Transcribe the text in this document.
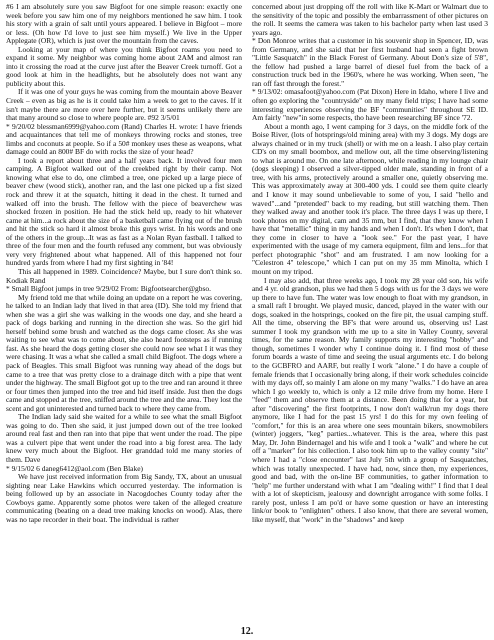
#6 I am absolutely sure you saw Bigfoot for one simple reason: exactly one week before you saw him one of my neighbors mentioned he saw him. I took his story with a grain of salt until yours appeared. I believe in Bigfoot – more or less. (Oh how I'd love to just see him myself.) We live in the Upper Applegate (OR), which is just over the mountain from the caves.

Looking at your map of where you think Bigfoot roams you need to expand it some. My neighbor was coming home about 2AM and almost ran into it crossing the road at the curve just after the Beaver Creek turnoff. Got a good look at him in the headlights, but he absolutely does not want any publicity about this.

If it was one of your guys he was coming from the mountain above Beaver Creek – even as big as he is it could take him a week to get to the caves. If it isn't maybe there are more over here further, but it seems unlikely there are that many around so close to where people are. #92 3/5/01

* 9/20/02 blessman6999@yahoo.com (Rand) Charles H. wrote: I have friends and acquaintances that tell me of monkeys throwing rocks and stones, tree limbs and coconuts at people. So if a 50# monkey uses these as weapons, what damage could an 800# BF do with rocks the size of your head?

I took a report about three and a half years back. It involved four men camping. A Bigfoot walked out of the creekbed right by their camp. Not knowing what else to do, one climbed a tree, one picked up a large piece of beaver chew (wood stick), another ran, and the last one picked up a fist sized rock and threw it at the squatch, hitting it dead in the chest. It turned and walked off into the brush. The fellow with the piece of beaverchew was shocked frozen in position. He had the stick held up, ready to hit whatever came at him...a rock about the size of a basketball came flying out of the brush and hit the stick so hard it almost broke this guys wrist. In his words and one of the others in the group...It was as fast as a Nolan Ryan fastball. I talked to three of the four men and the fourth refused any comment, but was obviously very very frightened about what happened. All of this happened not four hundred yards from where I had my first sighting in '84!

This all happened in 1989. Coincidence? Maybe, but I sure don't think so. Kodiak Rand

* Small Bigfoot jumps in tree 9/29/02 From: Bigfootsearcher@gbso.

My friend told me that while doing an update on a report he was covering, he talked to an Indian lady that lived in that area (ID). She told my friend that when she was a girl she was walking in the woods one day, and she heard a pack of dogs barking and running in the direction she was. So the girl hid herself behind some brush and watched as the dogs came closer. As she was waiting to see what was to come about, she also heard footsteps as if running fast. As she heard the dogs getting closer she could now see what I it was they were chasing. It was a what she called a small child Bigfoot. The dogs where a pack of Beagles. This small Bigfoot was running way ahead of the dogs but came to a tree that was pretty close to a drainage ditch with a pipe that went under the highway. The small Bigfoot got up to the tree and ran around it three or four times then jumped into the tree and hid itself inside. Just then the dogs came and stopped at the tree, sniffed around the tree and the area. They lost the scent and got uninterested and turned back to where they came from.

The Indian lady said she waited for a while to see what the small Bigfoot was going to do. Then she said, it just jumped down out of the tree looked around real fast and then ran into that pipe that went under the road. The pipe was a culvert pipe that went under the road into a big forest area. The lady knew very much about the Bigfoot. Her granddad told me many stories of them. Dave

* 9/15/02 6 daneg6412@aol.com (Ben Blake)

We have just received information from Big Sandy, TX, about an unusual sighting near Lake Hawkins which occurred yesterday. The information is being followed up by an associate in Nacogdoches County today after the Cowboys game. Apparently some photos were taken of the alleged creature communicating (beating on a dead tree making knocks on wood). Alas, there was no tape recorder in their boat. The individual is rather

concerned about just dropping off the roll with like K-Mart or Walmart due to the sensitivity of the topic and possibly the embarrassment of other pictures on the roll. It seems the camera was taken to his bachelor party when last used 3 years ago.

* Don Monroe writes that a customer in his souvenir shop in Spencer, ID, was from Germany, and she said that her first husband had seen a fight brown "Little Sasquatch" in the Black Forest of Germany. About Don's size of 5'8", the fellow had pushed a large barrel of diesel fuel from the back of a construction truck bed in the 1960's, where he was working. When seen, "he ran off fast through the forest."

* 9/13/02: omasafoot@yahoo.com (Pat Dixon) Here in Idaho, where I live and often go exploring the "countryside" on my many field trips; I have had some interesting experiences observing the BF "communities" throughout SE ID. Am fairly "new"in some respects, tho have been researching BF since '72.

About a month ago, I went camping for 3 days, on the middle fork of the Boise River, (lots of hotsprings/old mining area) with my 3 dogs. My dogs are always chained or in my truck (shell) or with me on a leash. I also play certain CD's on my small boombox, and mellow out, all the time observing/listening to what is around me. On one late afternoon, while reading in my lounge chair (dogs sleeping) I observed a silver-tipped older male, standing in front of a tree, with his arms, protectively around a smaller one, quietly observing me. This was approximately away at 300-400 yds. I could see them quite clearly and I know it may sound unbelievable to some of you, I said "hello and waved"...and "pretended" back to my reading, but still watching them. Then they walked away and another took it's place. The three days I was up there, I took photos on my digital, cam and 35 mm, but I find, that they know when I have that "metallic" thing in my hands and when I don't. It's when I don't, that they come in closer to have a "look see." For the past year, I have experimented with the usage of my camera equipment, film and lens...for that perfect photographic "shot" and am frustrated. I am now looking for a "Celestron 4" telescope," which I can put on my 35 mm Minolta, which I mount on my tripod.

I may also add, that three weeks ago, I took my 28 year old son, his wife and 4 yr. old grandson, plus we had then 5 dogs with us for the 3 days we were up there to have fun. The water was low enough to float with my grandson, in a small raft I brought. We played music, danced, played in the water with our dogs, soaked in the hotsprings, cooked on the fire pit, the usual camping stuff. All the time, observing the BF's that were around us, observing us! Last summer I took my grandson with me up to a site in Valley County, several times, for the same reason. My family supports my interesting "hobby" and though, sometimes I wonder why I continue doing it. I find most of these forum boards a waste of time and seeing the usual arguments etc. I do belong to the GCBFRO and AARF, but really I work "alone." I do have a couple of female friends that I occasionally bring along, if their work schedules coincide with my days off, so mainly I am alone on my many "walks." I do have an area which I go weekly to, which is only a 12 mile drive from my home. Here I "feed" them and observe them at a distance. Been doing that for a year, but after "discovering" the first footprints, I now don't walk/run my dogs there anymore, like I had for the past 15 yrs! I do this for my own feeling of "comfort," for this is an area where one sees mountain bikers, snowmobilers (winter) joggers, "keg" parties...whatever. This is the area, where this past May, Dr. John Bindernagel and his wife and I took a "walk" and where he cut off a "marker" for his collection. I also took him up to the valley county "site" where I had a "close encounter" last July 5th with a group of Sasquatches, which was totally unexpected. I have had, now, since then, my experiences, good and bad, with the on-line BF communities, to gather information to "help" me further understand with what I am "dealing with!" I find that I deal with a lot of skepticism, jealousy and downright arrogance with some folks. I rarely post, unless I am po'd or have some question or have an interesting link/or book to "enlighten" others. I also know, that there are several women, like myself, that "work" in the "shadows" and keep

12.
